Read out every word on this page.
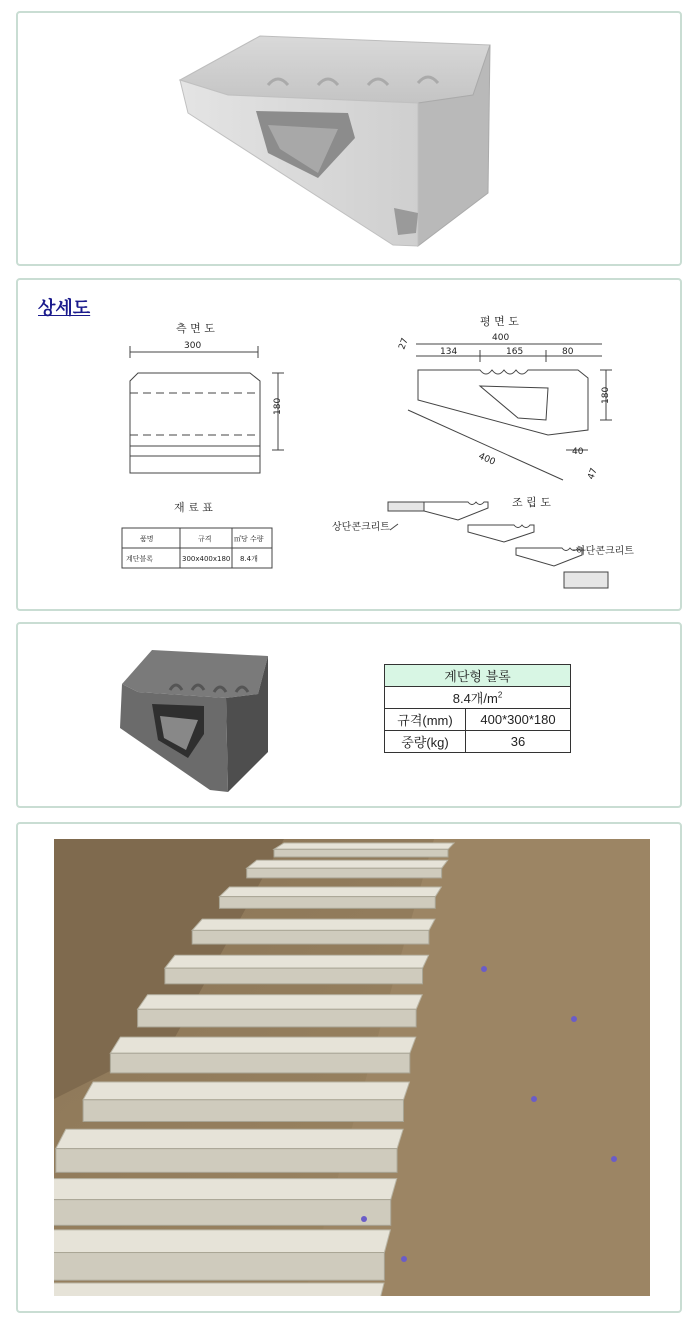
상세도
측 면 도
300
180
평 면 도
400
134	165	80
27
180
400	40
47
재 료 표
품명	규격	㎡당 수량
계단블록	300x400x180 8.4개
조 립 도
상단콘크리트
하단콘크리트
계단형 블록	
8.4개$/m^2$
규격(mm)	400*300*180
중량(kg)	36
